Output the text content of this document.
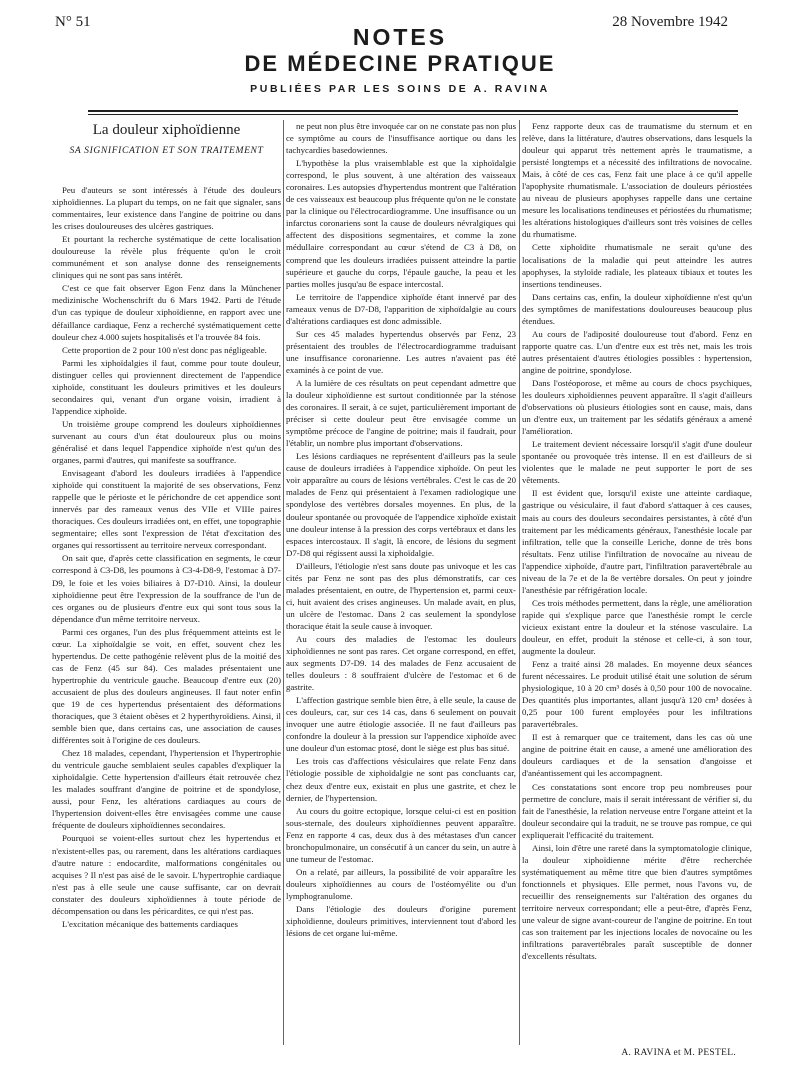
N° 51	28 Novembre 1942
NOTES
DE MÉDECINE PRATIQUE
PUBLIÉES PAR LES SOINS DE A. RAVINA

La douleur xiphoïdienne

SA SIGNIFICATION ET SON TRAITEMENT

Peu d'auteurs se sont intéressés à l'étude des douleurs xiphoïdiennes. La plupart du temps, on ne fait que signaler, sans commentaires, leur existence dans l'angine de poitrine ou dans les crises douloureuses des ulcères gastriques.

Et pourtant la recherche systématique de cette localisation douloureuse la révèle plus fréquente qu'on le croit communément et son analyse donne des renseignements cliniques qui ne sont pas sans intérêt.

C'est ce que fait observer Egon Fenz dans la Münchener medizinische Wochenschrift du 6 Mars 1942. Parti de l'étude d'un cas typique de douleur xiphoïdienne, en rapport avec une défaillance cardiaque, Fenz a recherché systématiquement cette douleur chez 4.000 sujets hospitalisés et l'a trouvée 84 fois.

Cette proportion de 2 pour 100 n'est donc pas négligeable.

Parmi les xiphoïdalgies il faut, comme pour toute douleur, distinguer celles qui proviennent directement de l'appendice xiphoïde, constituant les douleurs primitives et les douleurs secondaires qui, venant d'un organe voisin, irradient à l'appendice xiphoïde.

Un troisième groupe comprend les douleurs xiphoïdiennes survenant au cours d'un état douloureux plus ou moins généralisé et dans lequel l'appendice xiphoïde n'est qu'un des organes, parmi d'autres, qui manifeste sa souffrance.

Envisageant d'abord les douleurs irradiées à l'appendice xiphoïde qui constituent la majorité de ses observations, Fenz rappelle que le périoste et le périchondre de cet appendice sont innervés par des rameaux venus des VIIe et VIIIe paires thoraciques. Ces douleurs irradiées ont, en effet, une topographie segmentaire; elles sont l'expression de l'état d'excitation des organes qui ressortissent au territoire nerveux correspondant.

On sait que, d'après cette classification en segments, le cœur correspond à C3-D8, les poumons à C3-4-D8-9, l'estomac à D7-D9, le foie et les voies biliaires à D7-D10. Ainsi, la douleur xiphoïdienne peut être l'expression de la souffrance de l'un de ces organes ou de plusieurs d'entre eux qui sont tous sous la dépendance d'un même territoire nerveux.

Parmi ces organes, l'un des plus fréquemment atteints est le cœur. La xiphoïdalgie se voit, en effet, souvent chez les hypertendus. De cette pathogénie relèvent plus de la moitié des cas de Fenz (45 sur 84). Ces malades présentaient une hypertrophie du ventricule gauche. Beaucoup d'entre eux (20) accusaient de plus des douleurs angineuses. Il faut noter enfin que 19 de ces hypertendus présentaient des déformations thoraciques, que 3 étaient obèses et 2 hyperthyroïdiens. Ainsi, il semble bien que, dans certains cas, une association de causes différentes soit à l'origine de ces douleurs.

Chez 18 malades, cependant, l'hypertension et l'hypertrophie du ventricule gauche semblaient seules capables d'expliquer la xiphoïdalgie. Cette hypertension d'ailleurs était retrouvée chez les malades souffrant d'angine de poitrine et de spondylose, aussi, pour Fenz, les altérations cardiaques au cours de l'hypertension doivent-elles être envisagées comme une cause fréquente de douleurs xiphoïdiennes secondaires.

Pourquoi se voient-elles surtout chez les hypertendus et n'existent-elles pas, ou rarement, dans les altérations cardiaques d'autre nature : endocardite, malformations congénitales ou acquises ? Il n'est pas aisé de le savoir. L'hypertrophie cardiaque n'est pas à elle seule une cause suffisante, car on devrait constater des douleurs xiphoïdiennes à toute période de décompensation ou dans les péricardites, ce qui n'est pas.

L'excitation mécanique des battements cardiaques

ne peut non plus être invoquée car on ne constate pas non plus ce symptôme au cours de l'insuffisance aortique ou dans les tachycardies basedowiennes.

L'hypothèse la plus vraisemblable est que la xiphoïdalgie correspond, le plus souvent, à une altération des vaisseaux coronaires. Les autopsies d'hypertendus montrent que l'altération de ces vaisseaux est beaucoup plus fréquente qu'on ne le constate par la clinique ou l'électrocardiogramme. Une insuffisance ou un infarctus coronariens sont la cause de douleurs névralgiques qui affectent des dispositions segmentaires, et comme la zone médullaire correspondant au cœur s'étend de C3 à D8, on comprend que les douleurs irradiées puissent atteindre la partie supérieure et gauche du corps, l'épaule gauche, la peau et les parties molles jusqu'au 8e espace intercostal.

Le territoire de l'appendice xiphoïde étant innervé par des rameaux venus de D7-D8, l'apparition de xiphoïdalgie au cours d'altérations cardiaques est donc admissible.

Sur ces 45 malades hypertendus observés par Fenz, 23 présentaient des troubles de l'électrocardiogramme traduisant une insuffisance coronarienne. Les autres n'avaient pas été examinés à ce point de vue.

A la lumière de ces résultats on peut cependant admettre que la douleur xiphoïdienne est surtout conditionnée par la sténose des coronaires. Il serait, à ce sujet, particulièrement important de préciser si cette douleur peut être envisagée comme un symptôme précoce de l'angine de poitrine; mais il faudrait, pour l'établir, un nombre plus important d'observations.

Les lésions cardiaques ne représentent d'ailleurs pas la seule cause de douleurs irradiées à l'appendice xiphoïde. On peut les voir apparaître au cours de lésions vertébrales. C'est le cas de 20 malades de Fenz qui présentaient à l'examen radiologique une spondylose des vertèbres dorsales moyennes. En plus, de la douleur spontanée ou provoquée de l'appendice xiphoïde existait une douleur intense à la pression des corps vertébraux et dans les espaces intercostaux. Il s'agit, là encore, de lésions du segment D7-D8 qui régissent aussi la xiphoïdalgie.

D'ailleurs, l'étiologie n'est sans doute pas univoque et les cas cités par Fenz ne sont pas des plus démonstratifs, car ces malades présentaient, en outre, de l'hypertension et, parmi ceux-ci, huit avaient des crises angineuses. Un malade avait, en plus, un ulcère de l'estomac. Dans 2 cas seulement la spondylose thoracique était la seule cause à invoquer.

Au cours des maladies de l'estomac les douleurs xiphoïdiennes ne sont pas rares. Cet organe correspond, en effet, aux segments D7-D9. 14 des malades de Fenz accusaient de telles douleurs : 8 souffraient d'ulcère de l'estomac et 6 de gastrite.

L'affection gastrique semble bien être, à elle seule, la cause de ces douleurs, car, sur ces 14 cas, dans 6 seulement on pouvait invoquer une autre étiologie associée. Il ne faut d'ailleurs pas confondre la douleur à la pression sur l'appendice xiphoïde avec une douleur d'un estomac ptosé, dont le siège est plus bas situé.

Les trois cas d'affections vésiculaires que relate Fenz dans l'étiologie possible de xiphoïdalgie ne sont pas concluants car, chez deux d'entre eux, existait en plus une gastrite, et chez le dernier, de l'hypertension.

Au cours du goitre ectopique, lorsque celui-ci est en position sous-sternale, des douleurs xiphoïdiennes peuvent apparaître. Fenz en rapporte 4 cas, deux dus à des métastases d'un cancer bronchopulmonaire, un consécutif à un cancer du sein, un autre à une tumeur de l'estomac.

On a relaté, par ailleurs, la possibilité de voir apparaître les douleurs xiphoïdiennes au cours de l'ostéomyélite ou d'un lymphogranulome.

Dans l'étiologie des douleurs d'origine purement xiphoïdienne, douleurs primitives, interviennent tout d'abord les lésions de cet organe lui-même.

Fenz rapporte deux cas de traumatisme du sternum et en relève, dans la littérature, d'autres observations, dans lesquels la douleur qui apparut très nettement après le traumatisme, a persisté longtemps et a nécessité des infiltrations de novocaïne. Mais, à côté de ces cas, Fenz fait une place à ce qu'il appelle l'apophysite rhumatismale. L'association de douleurs périostées au niveau de plusieurs apophyses rappelle dans une certaine mesure les localisations tendineuses et périostées du rhumatisme; les altérations histologiques d'ailleurs sont très voisines de celles du rhumatisme.

Cette xiphoïdite rhumatismale ne serait qu'une des localisations de la maladie qui peut atteindre les autres apophyses, la styloïde radiale, les plateaux tibiaux et toutes les insertions tendineuses.

Dans certains cas, enfin, la douleur xiphoïdienne n'est qu'un des symptômes de manifestations douloureuses beaucoup plus étendues.

Au cours de l'adiposité douloureuse tout d'abord. Fenz en rapporte quatre cas. L'un d'entre eux est très net, mais les trois autres présentaient d'autres étiologies possibles : hypertension, angine de poitrine, spondylose.

Dans l'ostéoporose, et même au cours de chocs psychiques, les douleurs xiphoïdiennes peuvent apparaître. Il s'agit d'ailleurs d'observations où plusieurs étiologies sont en cause, mais, dans un d'entre eux, un traitement par les sédatifs généraux a amené l'amélioration.

Le traitement devient nécessaire lorsqu'il s'agit d'une douleur spontanée ou provoquée très intense. Il en est d'ailleurs de si violentes que le malade ne peut supporter le port de ses vêtements.

Il est évident que, lorsqu'il existe une atteinte cardiaque, gastrique ou vésiculaire, il faut d'abord s'attaquer à ces causes, mais au cours des douleurs secondaires persistantes, à côté d'un traitement par les médicaments généraux, l'anesthésie locale par infiltration, telle que la conseille Leriche, donne de très bons résultats. Fenz utilise l'infiltration de novocaïne au niveau de l'appendice xiphoïde, d'autre part, l'infiltration paravertébrale au niveau de la 7e et de la 8e vertèbre dorsales. On peut y joindre l'anesthésie par réfrigération locale.

Ces trois méthodes permettent, dans la règle, une amélioration rapide qui s'explique parce que l'anesthésie rompt le cercle vicieux existant entre la douleur et la sténose vasculaire. La douleur, en effet, produit la sténose et celle-ci, à son tour, augmente la douleur.

Fenz a traité ainsi 28 malades. En moyenne deux séances furent nécessaires. Le produit utilisé était une solution de sérum physiologique, 10 à 20 cm³ dosés à 0,50 pour 100 de novocaïne. Des quantités plus importantes, allant jusqu'à 120 cm³ dosées à 0,25 pour 100 furent employées pour les infiltrations paravertébrales.

Il est à remarquer que ce traitement, dans les cas où une angine de poitrine était en cause, a amené une amélioration des douleurs cardiaques et de la sensation d'angoisse et d'anéantissement qui les accompagnent.

Ces constatations sont encore trop peu nombreuses pour permettre de conclure, mais il serait intéressant de vérifier si, du fait de l'anesthésie, la relation nerveuse entre l'organe atteint et la douleur secondaire qui la traduit, ne se trouve pas rompue, ce qui expliquerait l'efficacité du traitement.

Ainsi, loin d'être une rareté dans la symptomatologie clinique, la douleur xiphoïdienne mérite d'être recherchée systématiquement au même titre que bien d'autres symptômes fonctionnels et physiques. Elle permet, nous l'avons vu, de recueillir des renseignements sur l'altération des organes du territoire nerveux correspondant; elle a peut-être, d'après Fenz, une valeur de signe avant-coureur de l'angine de poitrine. En tout cas son traitement par les injections locales de novocaïne ou les infiltrations paravertébrales paraît susceptible de donner d'excellents résultats.

A. RAVINA et M. PESTEL.
